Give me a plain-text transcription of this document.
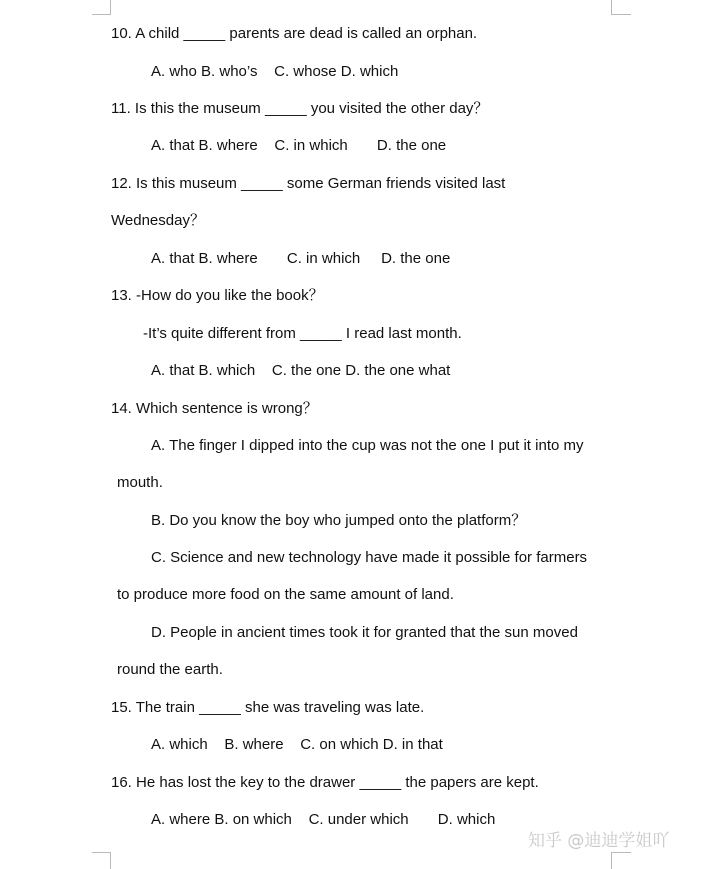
10. A child _____ parents are dead is called an orphan.
A. who B. who’s    C. whose D. which
11. Is this the museum _____ you visited the other day？
A. that B. where    C. in which       D. the one
12. Is this museum _____ some German friends visited last
Wednesday？
A. that B. where       C. in which     D. the one
13. -How do you like the book？
-It’s quite different from _____ I read last month.
A. that B. which    C. the one D. the one what
14. Which sentence is wrong？
A. The finger I dipped into the cup was not the one I put it into my
mouth.
B. Do you know the boy who jumped onto the platform？
C. Science and new technology have made it possible for farmers
to produce more food on the same amount of land.
D. People in ancient times took it for granted that the sun moved
round the earth.
15. The train _____ she was traveling was late.
A. which    B. where    C. on which D. in that
16. He has lost the key to the drawer _____ the papers are kept.
A. where B. on which    C. under which       D. which
知乎 @迪迪学姐吖
